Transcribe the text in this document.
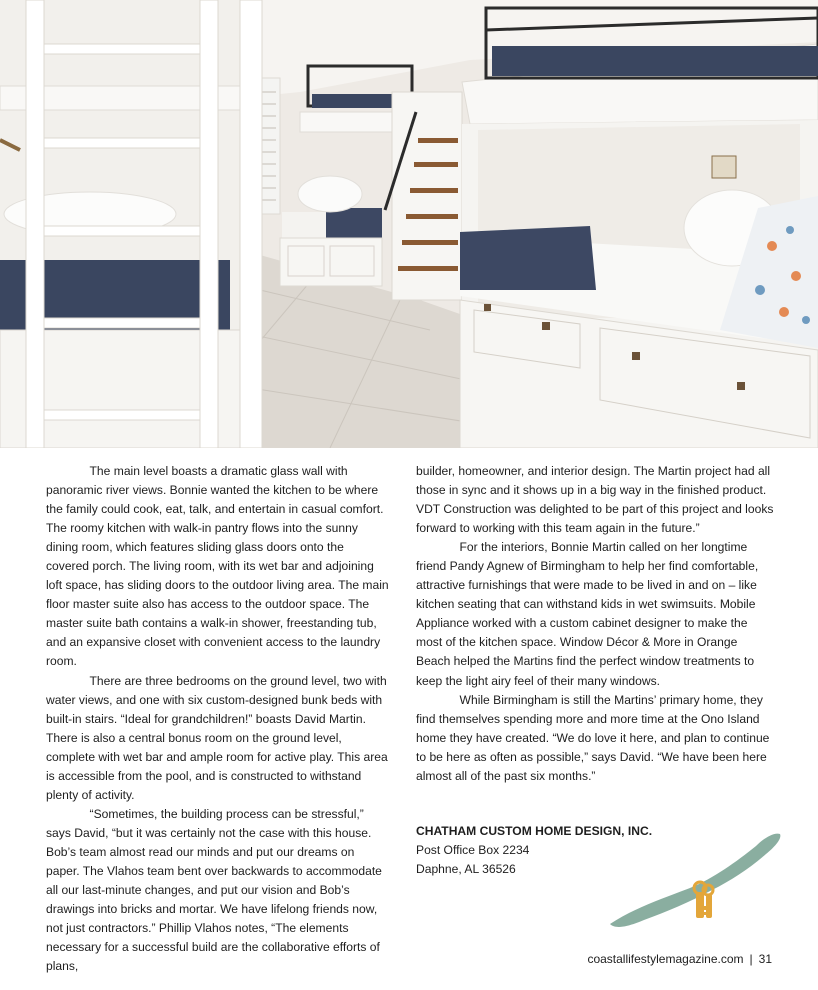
The main level boasts a dramatic glass wall with panoramic river views. Bonnie wanted the kitchen to be where the family could cook, eat, talk, and entertain in casual comfort. The roomy kitchen with walk-in pantry flows into the sunny dining room, which features sliding glass doors onto the covered porch. The living room, with its wet bar and adjoining loft space, has sliding doors to the outdoor living area. The main floor master suite also has access to the outdoor space. The master suite bath contains a walk-in shower, freestanding tub, and an expansive closet with convenient access to the laundry room.

There are three bedrooms on the ground level, two with water views, and one with six custom-designed bunk beds with built-in stairs. “Ideal for grandchildren!” boasts David Martin. There is also a central bonus room on the ground level, complete with wet bar and ample room for active play. This area is accessible from the pool, and is constructed to withstand plenty of activity.

“Sometimes, the building process can be stressful,” says David, “but it was certainly not the case with this house. Bob’s team almost read our minds and put our dreams on paper. The Vlahos team bent over backwards to accommodate all our last-minute changes, and put our vision and Bob’s drawings into bricks and mortar. We have lifelong friends now, not just contractors.” Phillip Vlahos notes, “The elements necessary for a successful build are the collaborative efforts of plans,

builder, homeowner, and interior design. The Martin project had all those in sync and it shows up in a big way in the finished product. VDT Construction was delighted to be part of this project and looks forward to working with this team again in the future.”

For the interiors, Bonnie Martin called on her longtime friend Pandy Agnew of Birmingham to help her find comfortable, attractive furnishings that were made to be lived in and on – like kitchen seating that can withstand kids in wet swimsuits. Mobile Appliance worked with a custom cabinet designer to make the most of the kitchen space. Window Décor & More in Orange Beach helped the Martins find the perfect window treatments to keep the light airy feel of their many windows.

While Birmingham is still the Martins’ primary home, they find themselves spending more and more time at the Ono Island home they have created. “We do love it here, and plan to continue to be here as often as possible,” says David. “We have been here almost all of the past six months.”

CHATHAM CUSTOM HOME DESIGN, INC.
Post Office Box 2234
Daphne, AL 36526
coastallifestylemagazine.com | 31
